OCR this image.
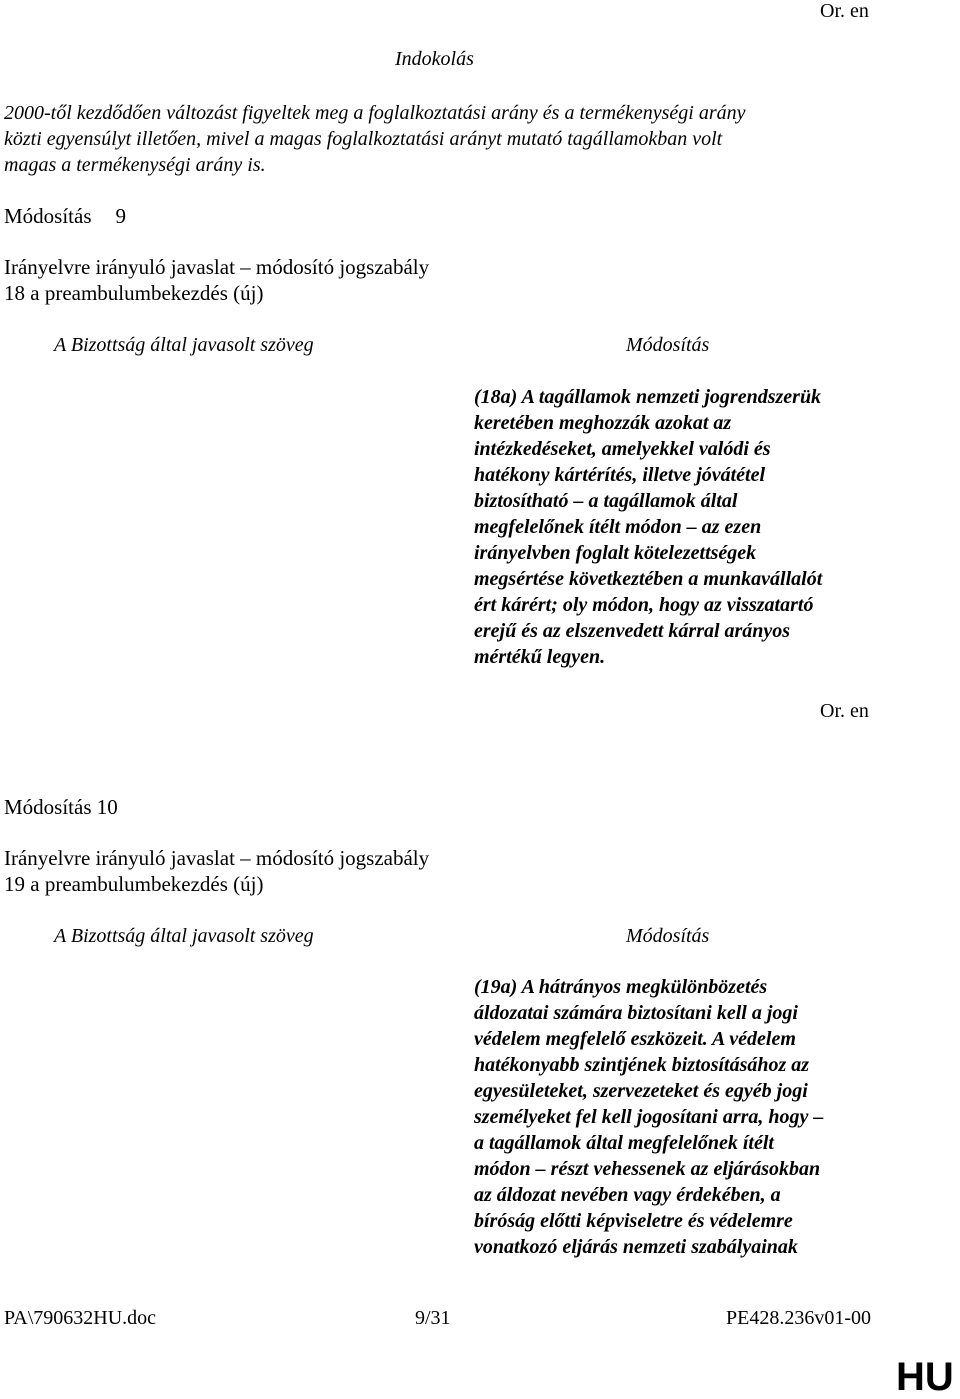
Or. en
Indokolás
2000-től kezdődően változást figyeltek meg a foglalkoztatási arány és a termékenységi arány
közti egyensúlyt illetően, mivel a magas foglalkoztatási arányt mutató tagállamokban volt
magas a termékenységi arány is.
Módosítás 9
Irányelvre irányuló javaslat – módosító jogszabály
18 a preambulumbekezdés (új)
A Bizottság által javasolt szöveg	Módosítás
(18a) A tagállamok nemzeti jogrendszerük
keretében meghozzák azokat az
intézkedéseket, amelyekkel valódi és
hatékony kártérítés, illetve jóvátétel
biztosítható – a tagállamok által
megfelelőnek ítélt módon – az ezen
irányelvben foglalt kötelezettségek
megsértése következtében a munkavállalót
ért kárért; oly módon, hogy az visszatartó
erejű és az elszenvedett kárral arányos
mértékű legyen.
Or. en
Módosítás 10
Irányelvre irányuló javaslat – módosító jogszabály
19 a preambulumbekezdés (új)
A Bizottság által javasolt szöveg	Módosítás
(19a) A hátrányos megkülönbözetés
áldozatai számára biztosítani kell a jogi
védelem megfelelő eszközeit. A védelem
hatékonyabb szintjének biztosításához az
egyesületeket, szervezeteket és egyéb jogi
személyeket fel kell jogosítani arra, hogy –
a tagállamok által megfelelőnek ítélt
módon – részt vehessenek az eljárásokban
az áldozat nevében vagy érdekében, a
bíróság előtti képviseletre és védelemre
vonatkozó eljárás nemzeti szabályainak
PA\790632HU.doc	9/31	PE428.236v01-00
HU
